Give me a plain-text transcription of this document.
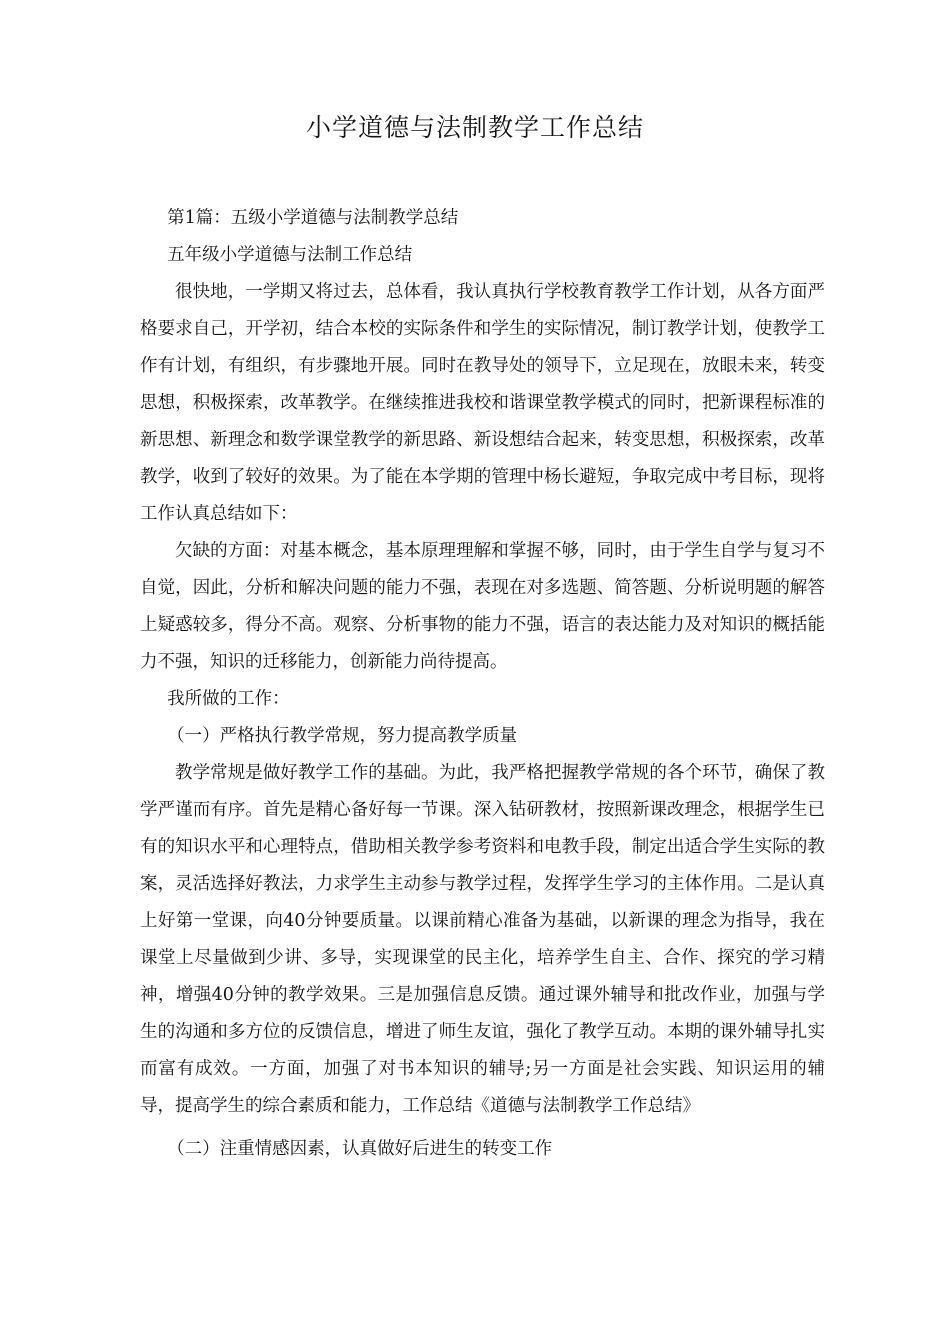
小学道德与法制教学工作总结

第1篇：五级小学道德与法制教学总结

五年级小学道德与法制工作总结

很快地，一学期又将过去，总体看，我认真执行学校教育教学工作计划，从各方面严格要求自己，开学初，结合本校的实际条件和学生的实际情况，制订教学计划，使教学工作有计划，有组织，有步骤地开展。同时在教导处的领导下，立足现在，放眼未来，转变思想，积极探索，改革教学。在继续推进我校和谐课堂教学模式的同时，把新课程标准的新思想、新理念和数学课堂教学的新思路、新设想结合起来，转变思想，积极探索，改革教学，收到了较好的效果。为了能在本学期的管理中杨长避短，争取完成中考目标，现将工作认真总结如下：

欠缺的方面：对基本概念，基本原理理解和掌握不够，同时，由于学生自学与复习不自觉，因此，分析和解决问题的能力不强，表现在对多选题、简答题、分析说明题的解答上疑惑较多，得分不高。观察、分析事物的能力不强，语言的表达能力及对知识的概括能力不强，知识的迁移能力，创新能力尚待提高。

我所做的工作：

（一）严格执行教学常规，努力提高教学质量

教学常规是做好教学工作的基础。为此，我严格把握教学常规的各个环节，确保了教学严谨而有序。首先是精心备好每一节课。深入钻研教材，按照新课改理念，根据学生已有的知识水平和心理特点，借助相关教学参考资料和电教手段，制定出适合学生实际的教案，灵活选择好教法，力求学生主动参与教学过程，发挥学生学习的主体作用。二是认真上好第一堂课，向40分钟要质量。以课前精心准备为基础，以新课的理念为指导，我在课堂上尽量做到少讲、多导，实现课堂的民主化，培养学生自主、合作、探究的学习精神，增强40分钟的教学效果。三是加强信息反馈。通过课外辅导和批改作业，加强与学生的沟通和多方位的反馈信息，增进了师生友谊，强化了教学互动。本期的课外辅导扎实而富有成效。一方面，加强了对书本知识的辅导;另一方面是社会实践、知识运用的辅导，提高学生的综合素质和能力，工作总结《道德与法制教学工作总结》

（二）注重情感因素，认真做好后进生的转变工作
